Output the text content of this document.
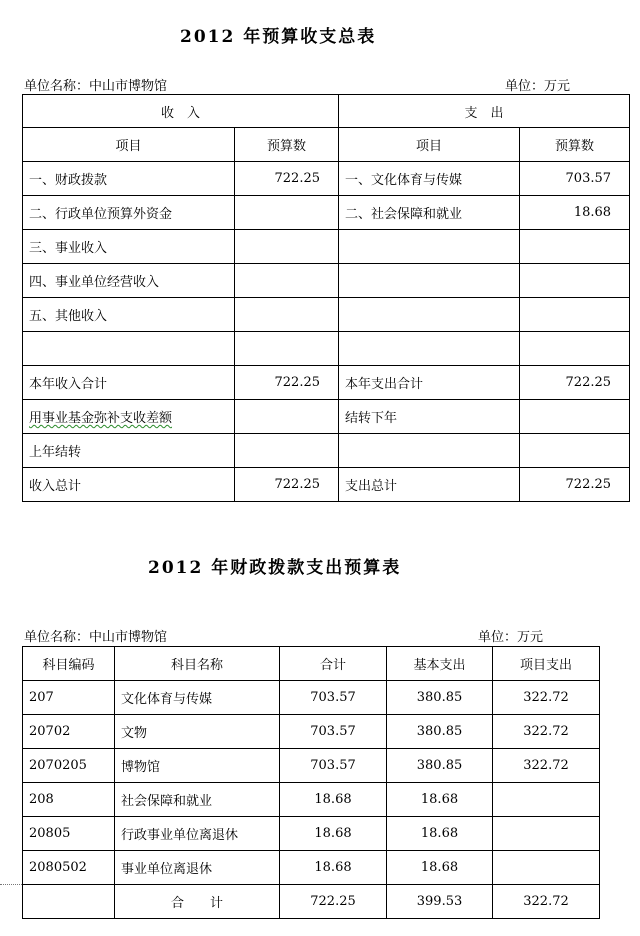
2012 年预算收支总表
单位名称：中山市博物馆	单位：万元
收　入		支　出	
项目	预算数	项目	预算数
一、财政拨款	722.25	一、文化体育与传媒	703.57
二、行政单位预算外资金		二、社会保障和就业	18.68
三、事业收入			
四、事业单位经营收入			
五、其他收入			

本年收入合计	722.25	本年支出合计	722.25
用事业基金弥补支收差额		结转下年	
上年结转			
收入总计	722.25	支出总计	722.25
2012 年财政拨款支出预算表
单位名称：中山市博物馆	单位：万元
科目编码	科目名称	合计	基本支出	项目支出
207	文化体育与传媒	703.57	380.85	322.72
20702	文物	703.57	380.85	322.72
2070205	博物馆	703.57	380.85	322.72
208	社会保障和就业	18.68	18.68	
20805	行政事业单位离退休	18.68	18.68	
2080502	事业单位离退休	18.68	18.68	
	合　　计	722.25	399.53	322.72
